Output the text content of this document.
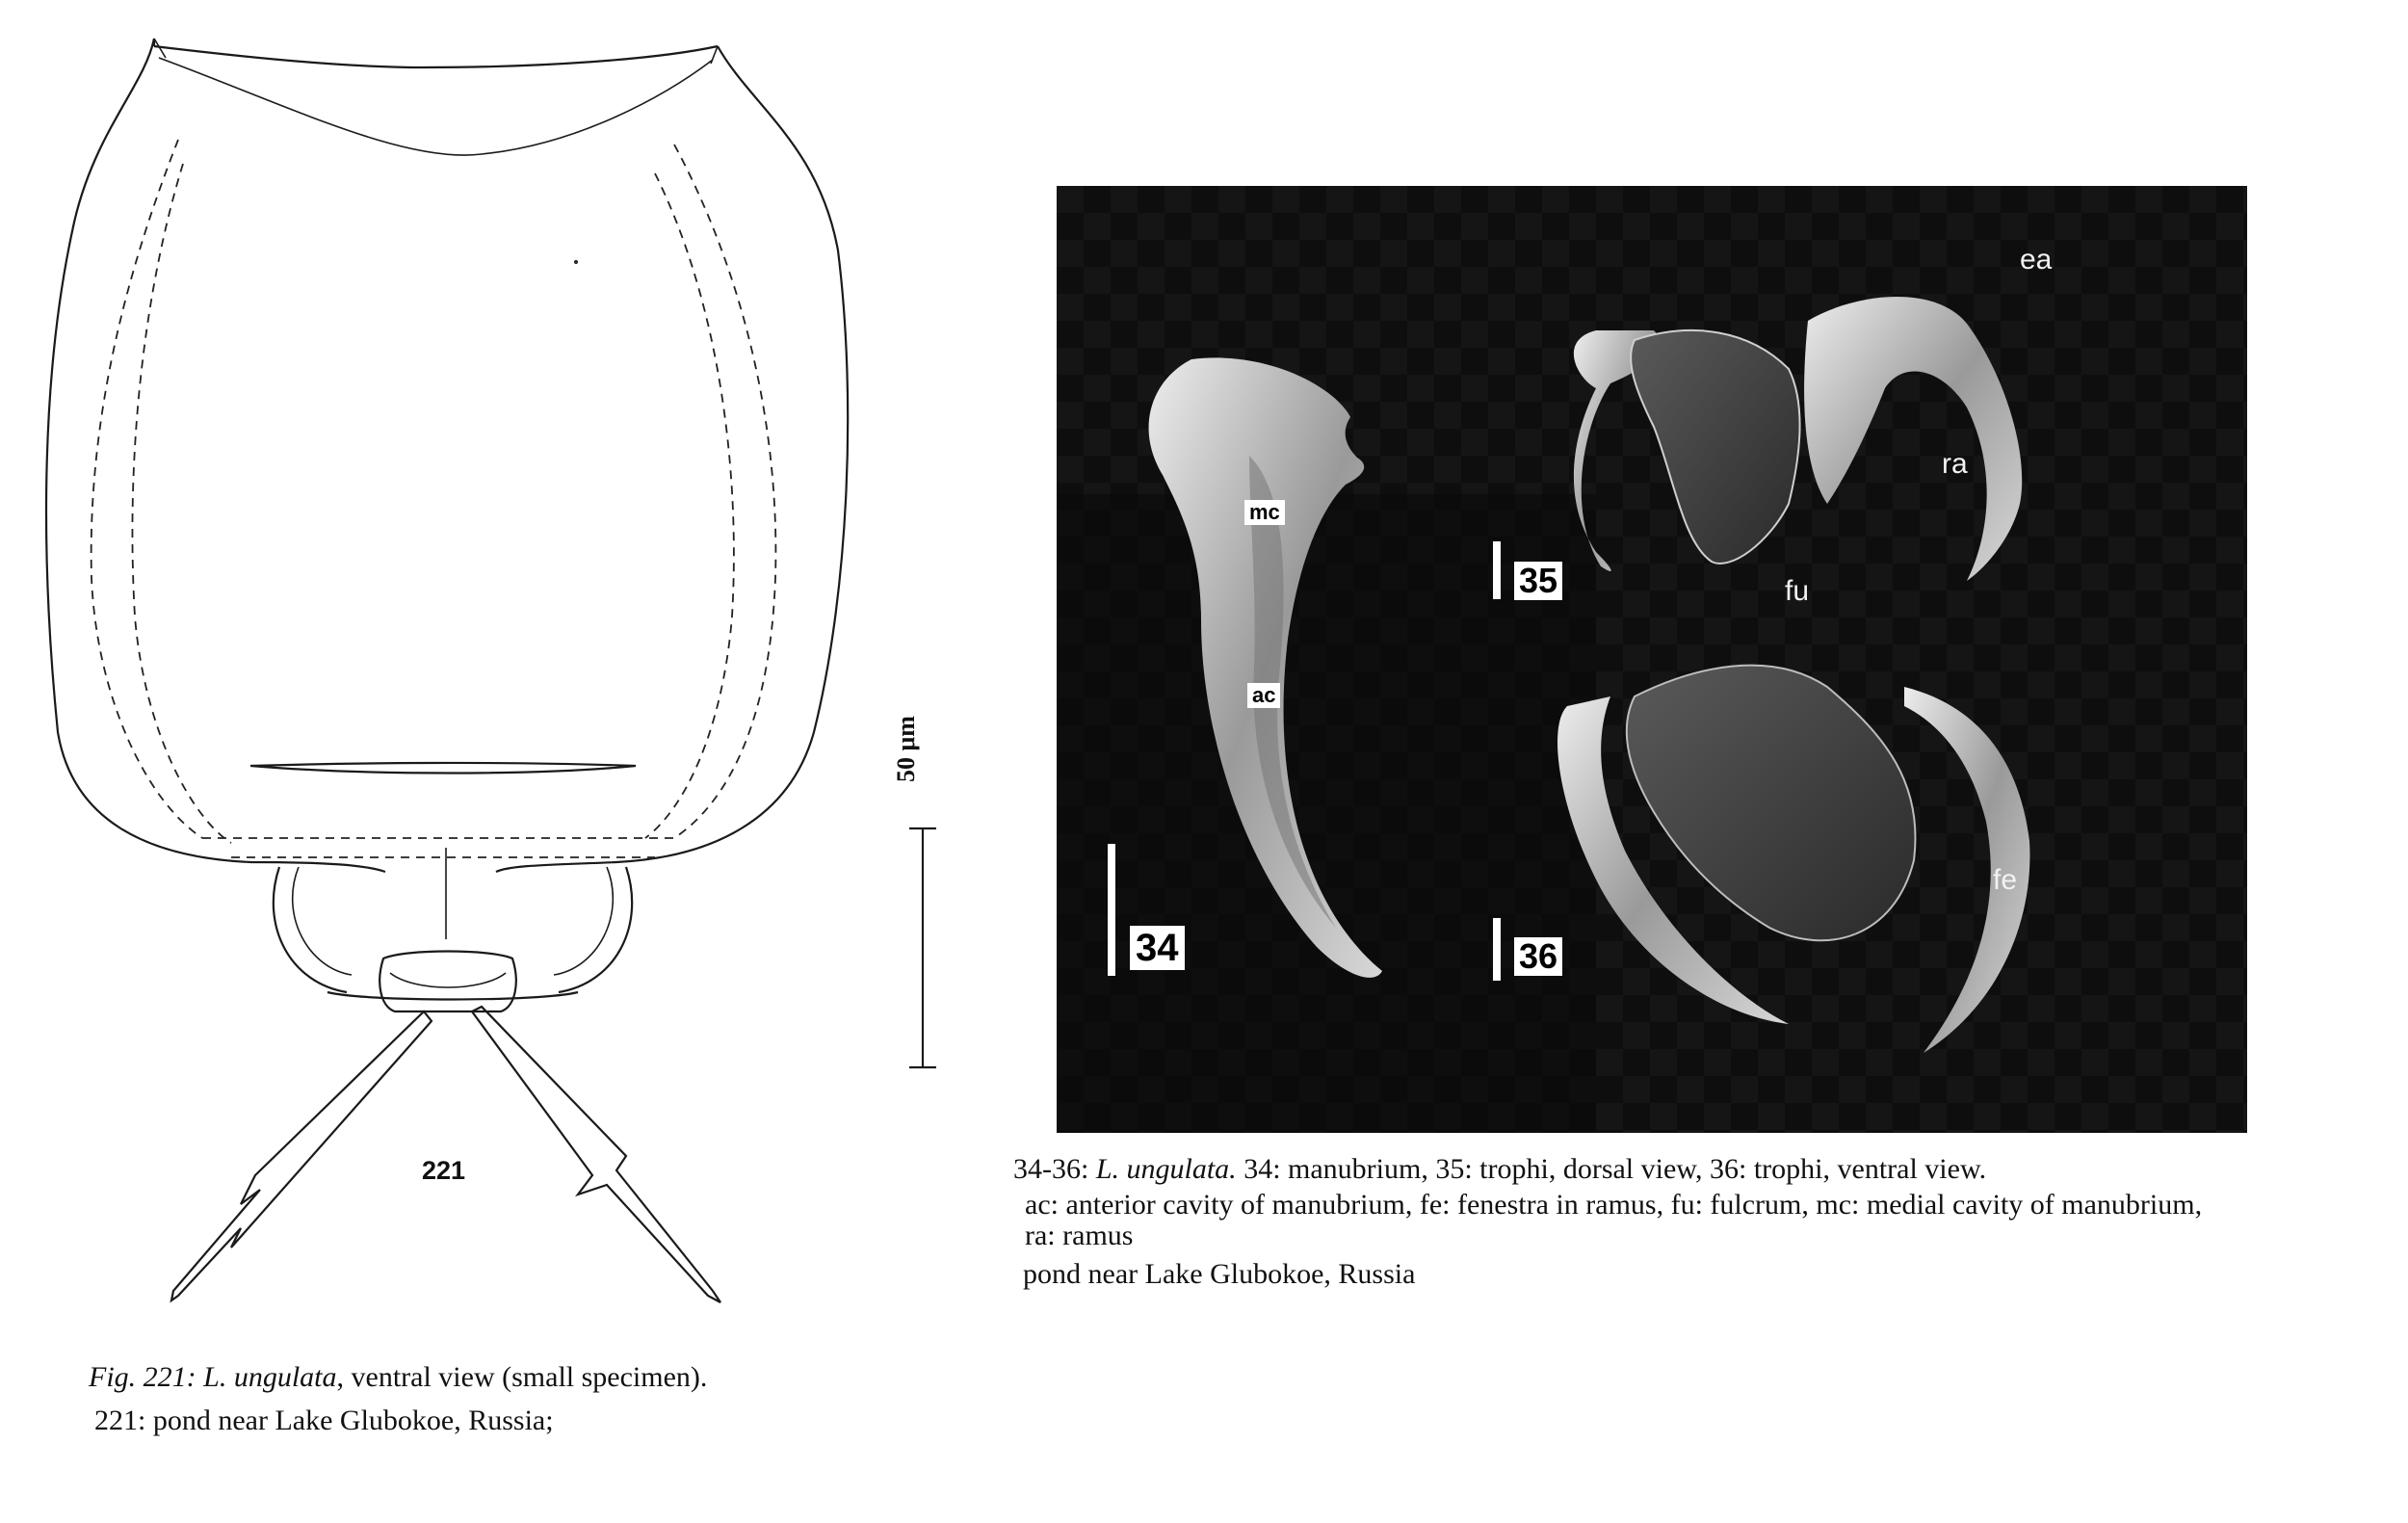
50 μm
221
Fig. 221: L. ungulata, ventral view (small specimen).
221: pond near Lake Glubokoe, Russia;
mc
ac
ea
ra
fu
fe
34
35
36
34-36: L. ungulata. 34: manubrium, 35: trophi, dorsal view, 36: trophi, ventral view.
ac: anterior cavity of manubrium, fe: fenestra in ramus, fu: fulcrum, mc: medial cavity of manubrium,
ra: ramus
pond near Lake Glubokoe, Russia
